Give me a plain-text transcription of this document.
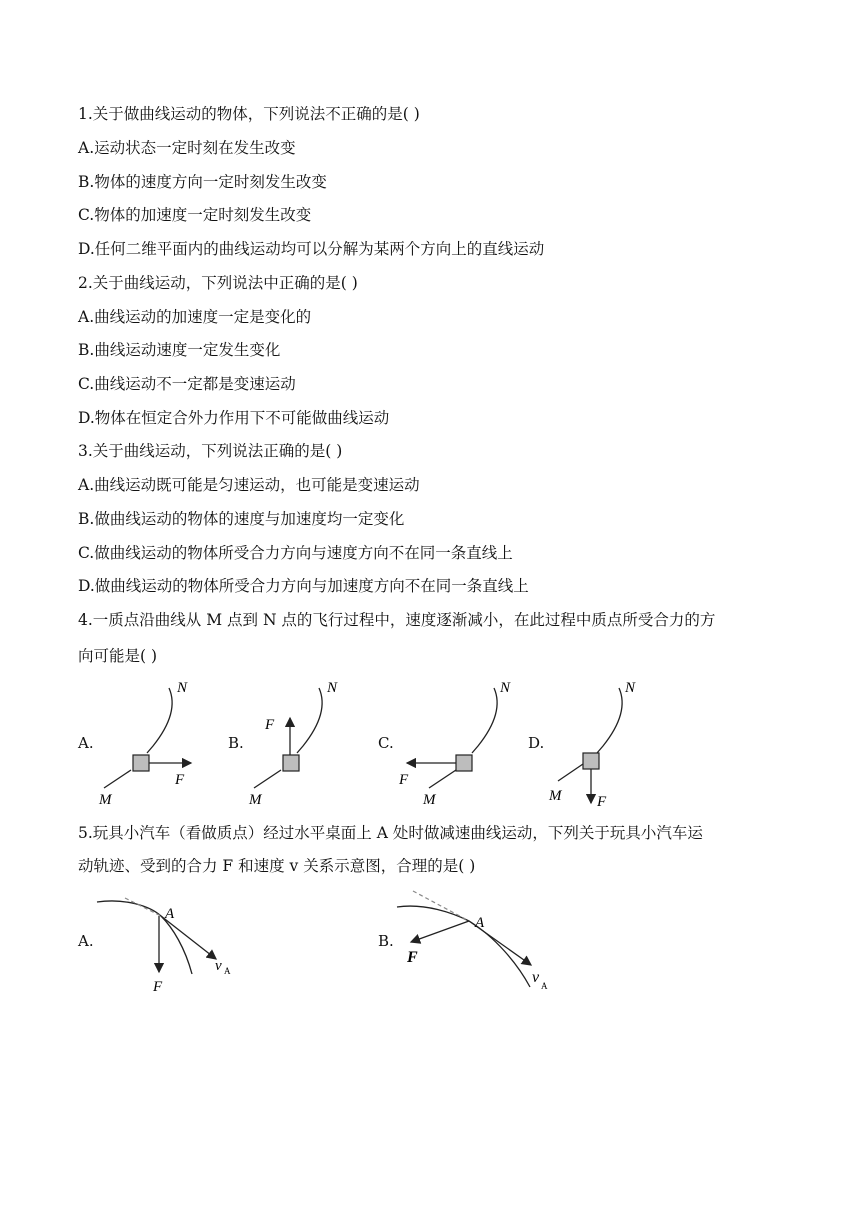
1.关于做曲线运动的物体，下列说法不正确的是( )
A.运动状态一定时刻在发生改变
B.物体的速度方向一定时刻发生改变
C.物体的加速度一定时刻发生改变
D.任何二维平面内的曲线运动均可以分解为某两个方向上的直线运动
2.关于曲线运动，下列说法中正确的是( )
A.曲线运动的加速度一定是变化的
B.曲线运动速度一定发生变化
C.曲线运动不一定都是变速运动
D.物体在恒定合外力作用下不可能做曲线运动
3.关于曲线运动，下列说法正确的是( )
A.曲线运动既可能是匀速运动，也可能是变速运动
B.做曲线运动的物体的速度与加速度均一定变化
C.做曲线运动的物体所受合力方向与速度方向不在同一条直线上
D.做曲线运动的物体所受合力方向与加速度方向不在同一条直线上
4.一质点沿曲线从 M 点到 N 点的飞行过程中，速度逐渐减小，在此过程中质点所受合力的方
向可能是( )
A.
N
M
F
B.
N
M
F
C.
N
M
F
D.
N
M F
5.玩具小汽车（看做质点）经过水平桌面上 A 处时做减速曲线运动，下列关于玩具小汽车运
动轨迹、受到的合力 F 和速度 v 关系示意图，合理的是( )
A.
A
F
v A
B.
A
F
v A
